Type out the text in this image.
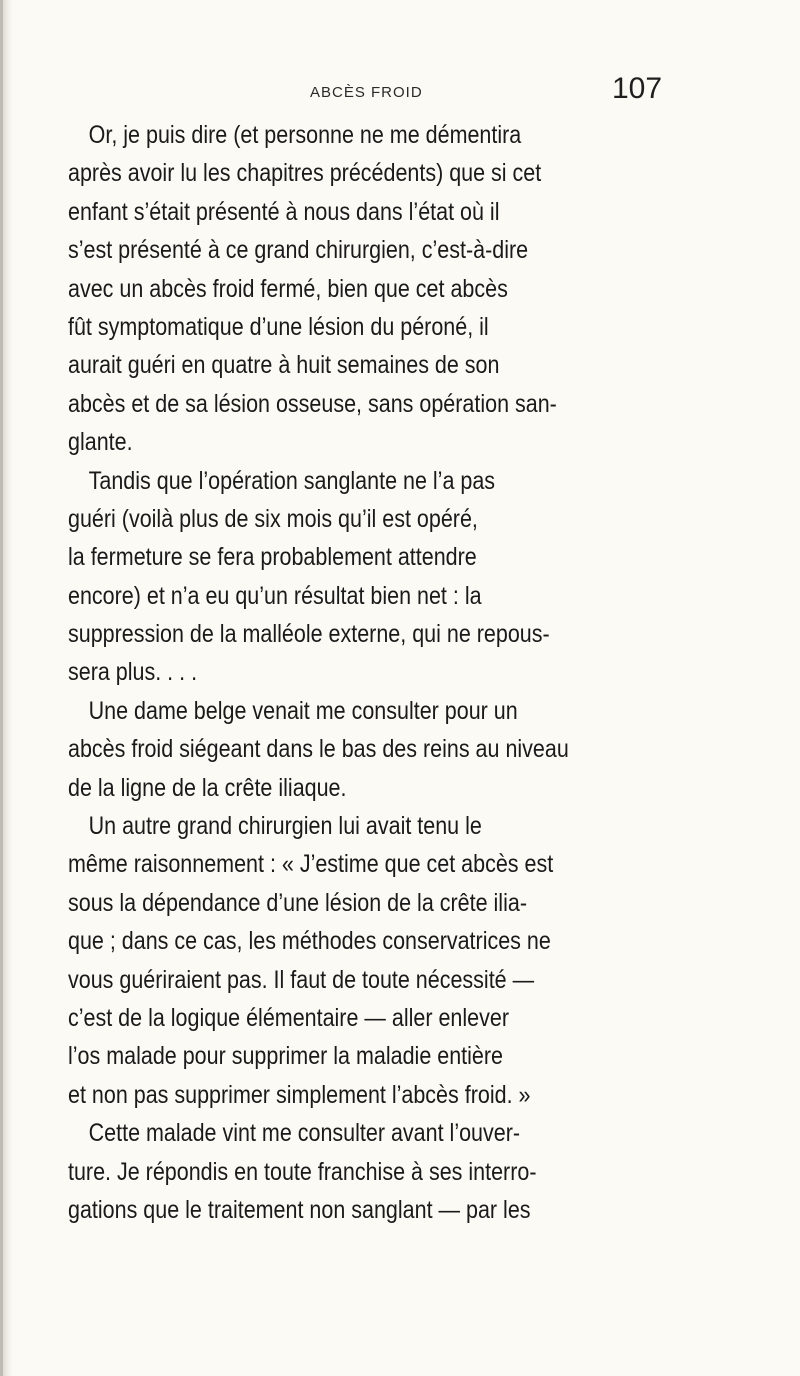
ABCÈS FROID	107
Or, je puis dire (et personne ne me démentira
après avoir lu les chapitres précédents) que si cet
enfant s’était présenté à nous dans l’état où il
s’est présenté à ce grand chirurgien, c’est-à-dire
avec un abcès froid fermé, bien que cet abcès
fût symptomatique d’une lésion du péroné, il
aurait guéri en quatre à huit semaines de son
abcès et de sa lésion osseuse, sans opération san-
glante.
Tandis que l’opération sanglante ne l’a pas
guéri (voilà plus de six mois qu’il est opéré,
la fermeture se fera probablement attendre
encore) et n’a eu qu’un résultat bien net : la
suppression de la malléole externe, qui ne repous-
sera plus. . . .
Une dame belge venait me consulter pour un
abcès froid siégeant dans le bas des reins au niveau
de la ligne de la crête iliaque.
Un autre grand chirurgien lui avait tenu le
même raisonnement : « J’estime que cet abcès est
sous la dépendance d’une lésion de la crête ilia-
que ; dans ce cas, les méthodes conservatrices ne
vous guériraient pas. Il faut de toute nécessité —
c’est de la logique élémentaire — aller enlever
l’os malade pour supprimer la maladie entière
et non pas supprimer simplement l’abcès froid. »
Cette malade vint me consulter avant l’ouver-
ture. Je répondis en toute franchise à ses interro-
gations que le traitement non sanglant — par les
